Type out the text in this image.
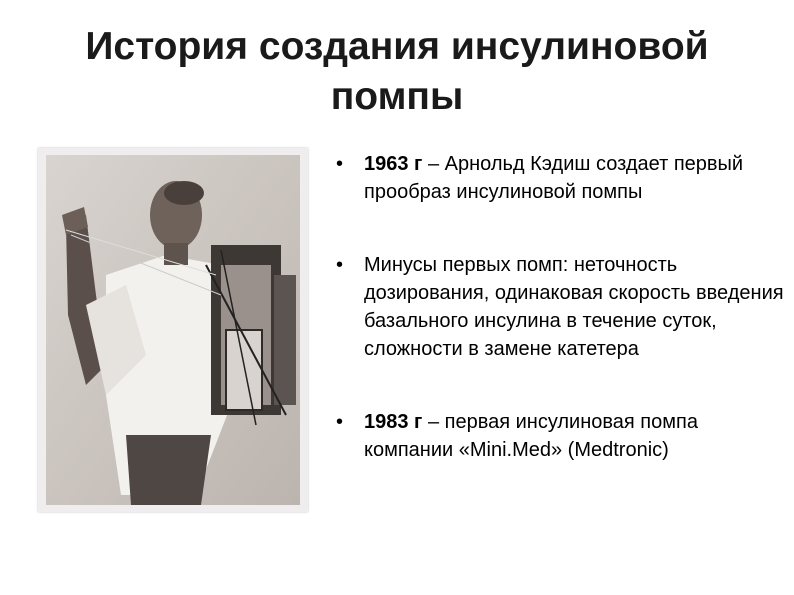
История создания инсулиновой
помпы
• 1963 г – Арнольд Кэдиш создает первый прообраз инсулиновой помпы
• Минусы первых помп: неточность дозирования, одинаковая скорость введения базального инсулина в течение суток, сложности в замене катетера
• 1983 г – первая инсулиновая помпа компании «Mini.Med» (Medtronic)
